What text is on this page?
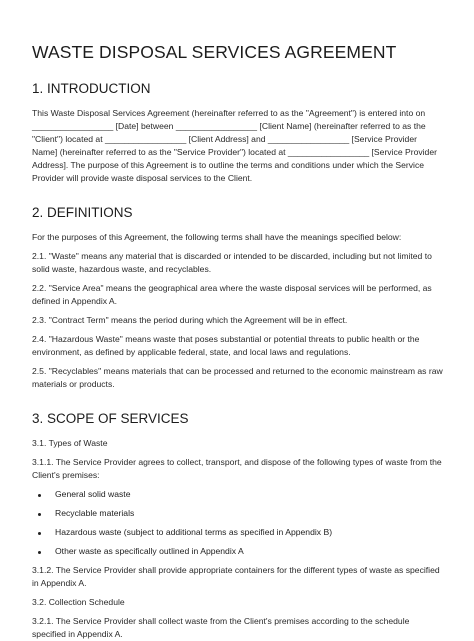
WASTE DISPOSAL SERVICES AGREEMENT
1. INTRODUCTION

This Waste Disposal Services Agreement (hereinafter referred to as the "Agreement") is entered into on _________________ [Date] between _________________ [Client Name] (hereinafter referred to as the "Client") located at _________________ [Client Address] and _________________ [Service Provider Name] (hereinafter referred to as the "Service Provider") located at _________________ [Service Provider Address]. The purpose of this Agreement is to outline the terms and conditions under which the Service Provider will provide waste disposal services to the Client.

2. DEFINITIONS

For the purposes of this Agreement, the following terms shall have the meanings specified below:

2.1. "Waste" means any material that is discarded or intended to be discarded, including but not limited to solid waste, hazardous waste, and recyclables.

2.2. "Service Area" means the geographical area where the waste disposal services will be performed, as defined in Appendix A.

2.3. "Contract Term" means the period during which the Agreement will be in effect.

2.4. "Hazardous Waste" means waste that poses substantial or potential threats to public health or the environment, as defined by applicable federal, state, and local laws and regulations.

2.5. "Recyclables" means materials that can be processed and returned to the economic mainstream as raw materials or products.

3. SCOPE OF SERVICES

3.1. Types of Waste

3.1.1. The Service Provider agrees to collect, transport, and dispose of the following types of waste from the Client's premises:

General solid waste
Recyclable materials
Hazardous waste (subject to additional terms as specified in Appendix B)
Other waste as specifically outlined in Appendix A

3.1.2. The Service Provider shall provide appropriate containers for the different types of waste as specified in Appendix A.

3.2. Collection Schedule

3.2.1. The Service Provider shall collect waste from the Client's premises according to the schedule specified in Appendix A.
